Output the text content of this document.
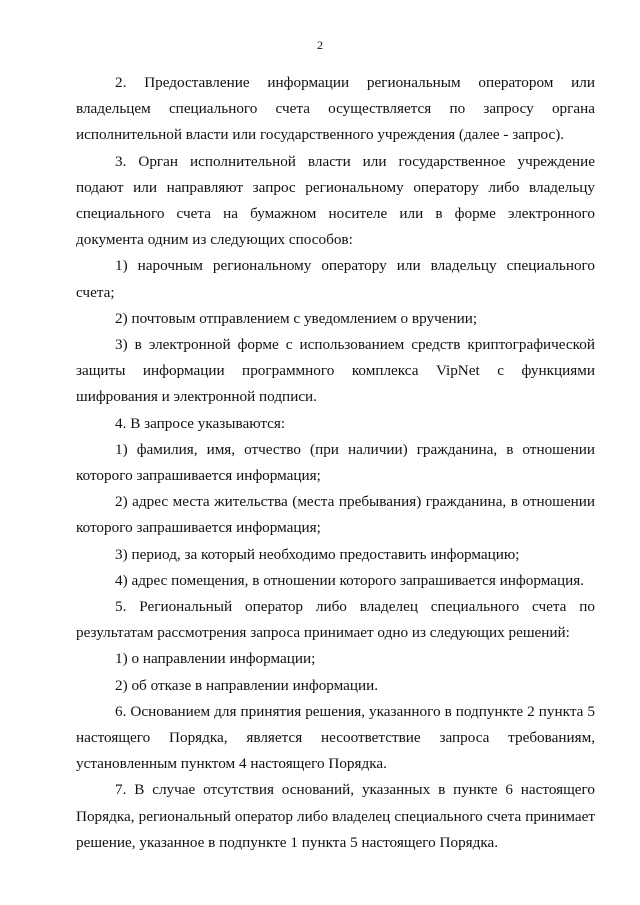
2

2. Предоставление информации региональным оператором или владельцем специального счета осуществляется по запросу органа исполнительной власти или государственного учреждения (далее - запрос).

3. Орган исполнительной власти или государственное учреждение подают или направляют запрос региональному оператору либо владельцу специального счета на бумажном носителе или в форме электронного документа одним из следующих способов:

1) нарочным региональному оператору или владельцу специального счета;

2) почтовым отправлением с уведомлением о вручении;

3) в электронной форме с использованием средств криптографической защиты информации программного комплекса VipNet с функциями шифрования и электронной подписи.

4. В запросе указываются:

1) фамилия, имя, отчество (при наличии) гражданина, в отношении которого запрашивается информация;

2) адрес места жительства (места пребывания) гражданина, в отношении которого запрашивается информация;

3) период, за который необходимо предоставить информацию;

4) адрес помещения, в отношении которого запрашивается информация.

5. Региональный оператор либо владелец специального счета по результатам рассмотрения запроса принимает одно из следующих решений:

1) о направлении информации;

2) об отказе в направлении информации.

6. Основанием для принятия решения, указанного в подпункте 2 пункта 5 настоящего Порядка, является несоответствие запроса требованиям, установленным пунктом 4 настоящего Порядка.

7. В случае отсутствия оснований, указанных в пункте 6 настоящего Порядка, региональный оператор либо владелец специального счета принимает решение, указанное в подпункте 1 пункта 5 настоящего Порядка.
